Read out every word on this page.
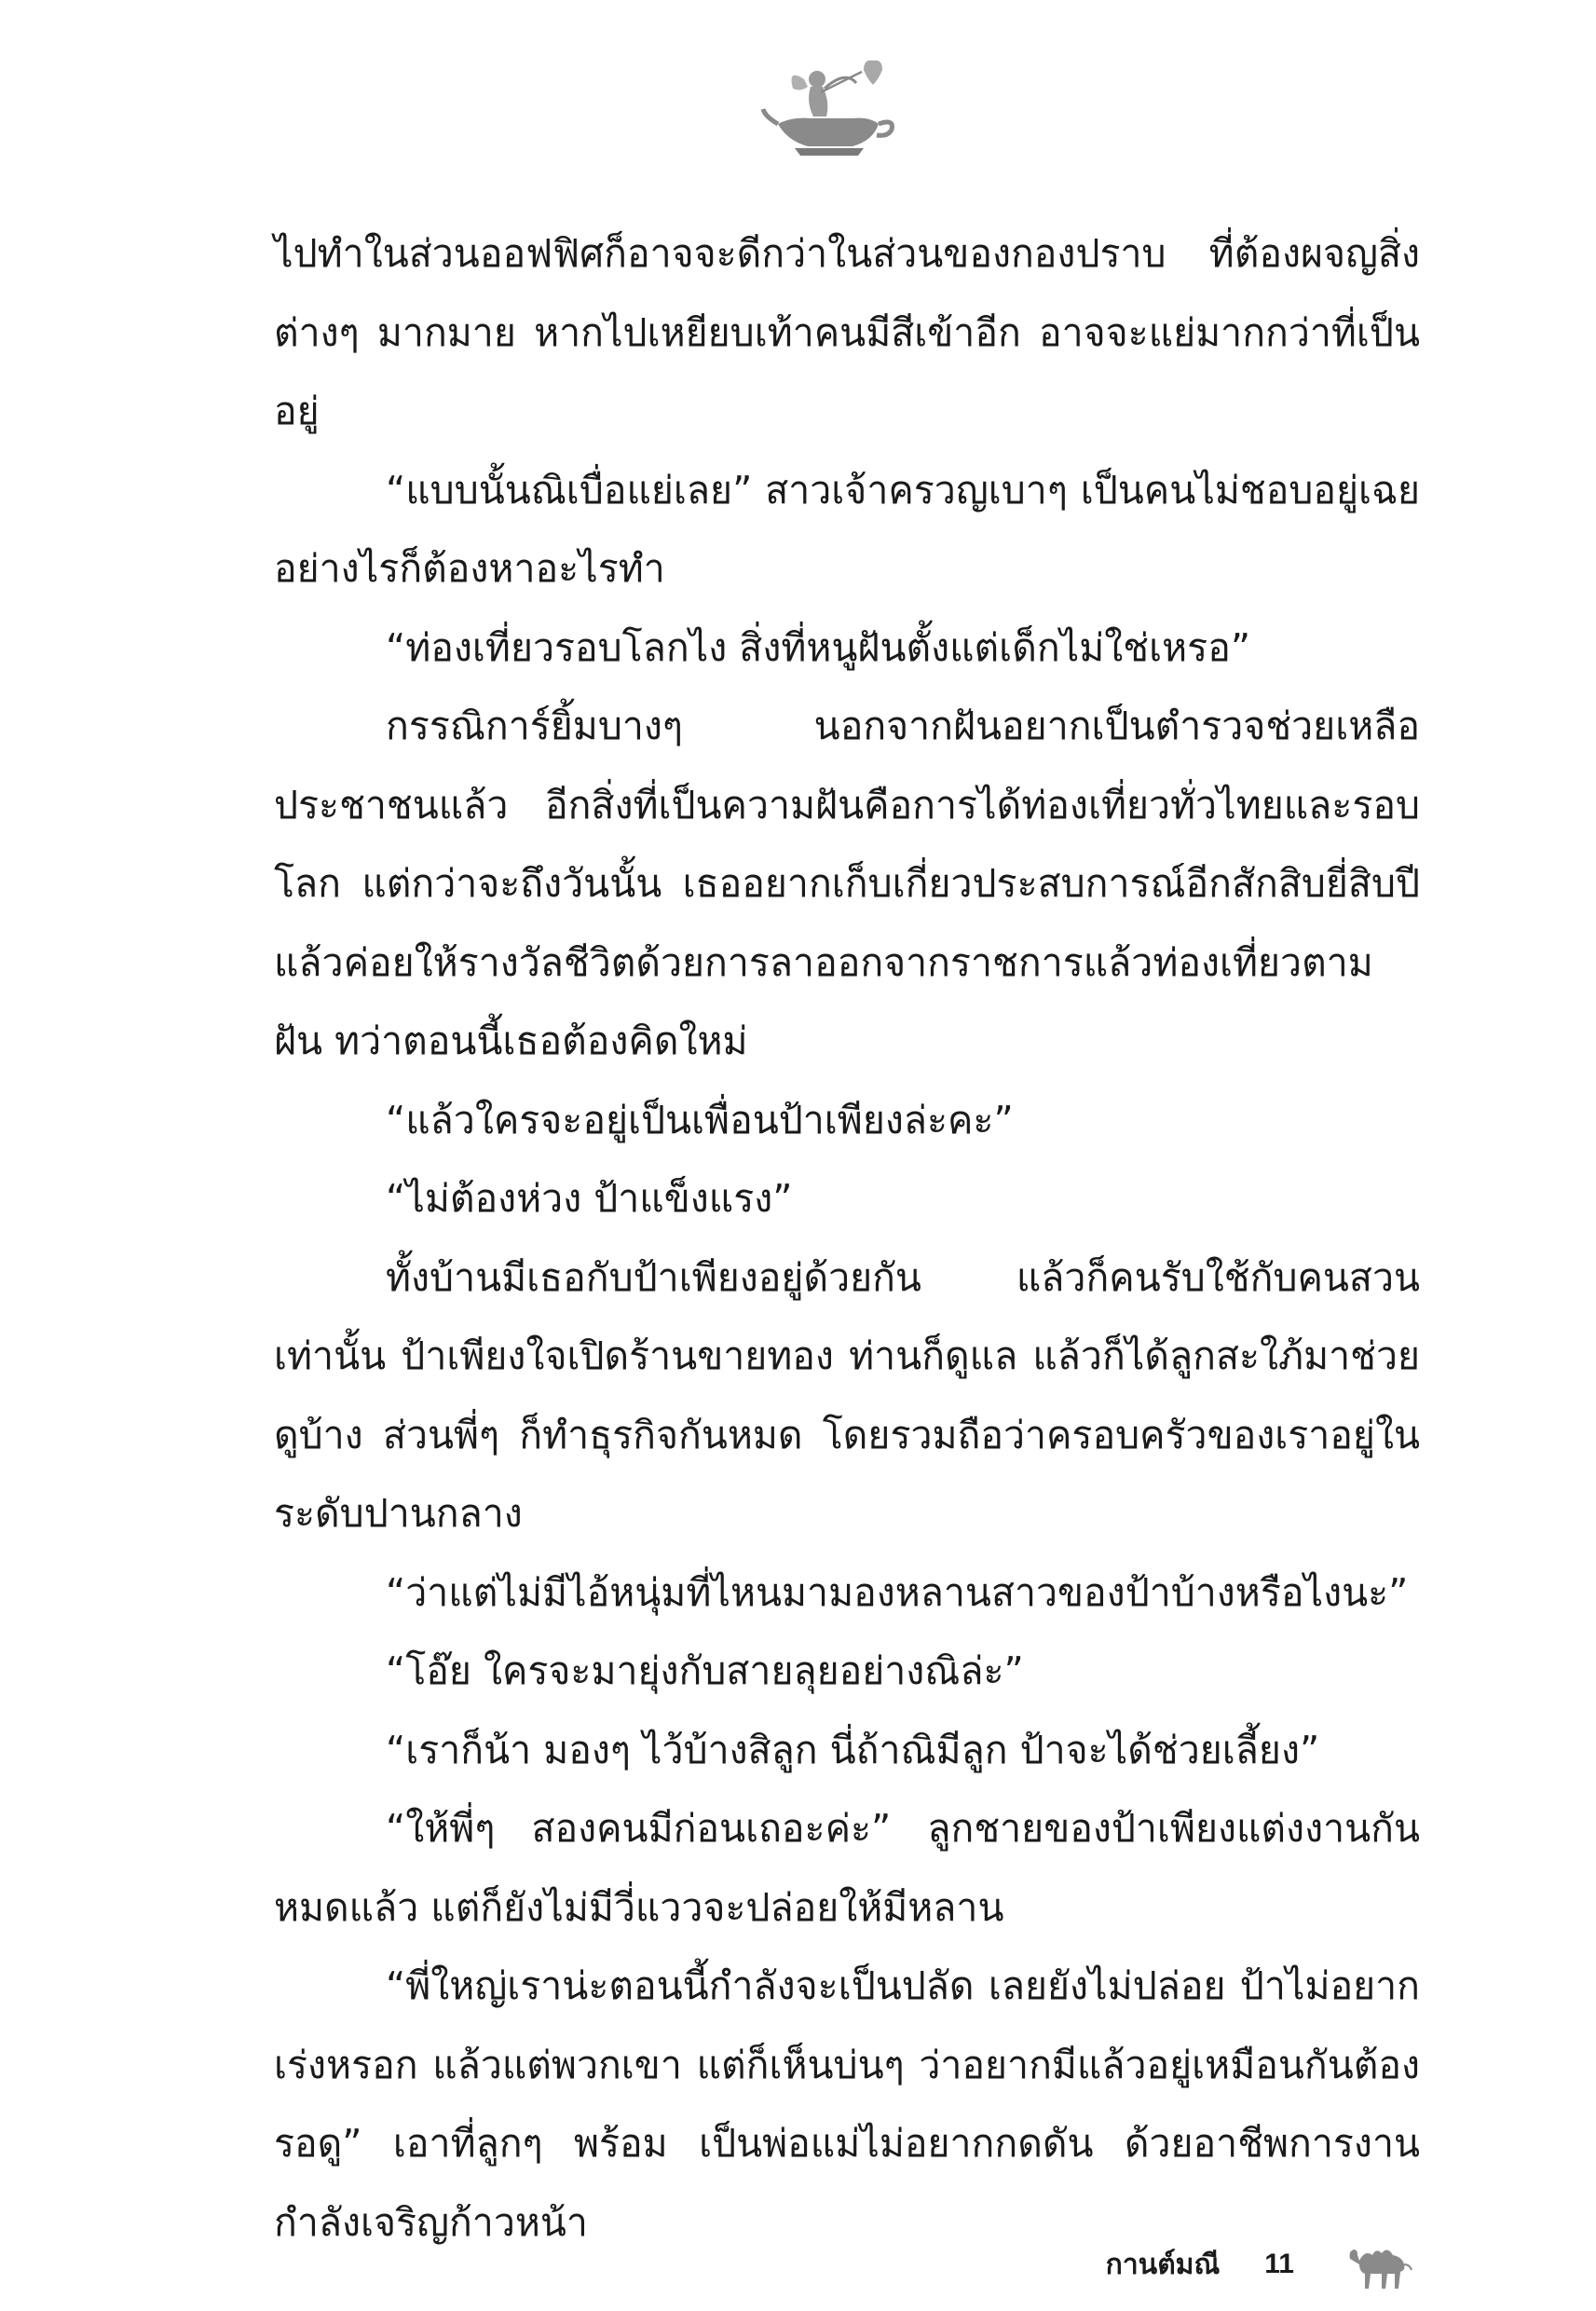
ไปทำในส่วนออฟฟิศก็อาจจะดีกว่าในส่วนของกองปราบ ที่ต้องผจญสิ่งต่างๆ มากมาย หากไปเหยียบเท้าคนมีสีเข้าอีก อาจจะแย่มากกว่าที่เป็นอยู่

“แบบนั้นณิเบื่อแย่เลย” สาวเจ้าครวญเบาๆ เป็นคนไม่ชอบอยู่เฉย อย่างไรก็ต้องหาอะไรทำ

“ท่องเที่ยวรอบโลกไง สิ่งที่หนูฝันตั้งแต่เด็กไม่ใช่เหรอ”

กรรณิการ์ยิ้มบางๆ นอกจากฝันอยากเป็นตำรวจช่วยเหลือประชาชนแล้ว อีกสิ่งที่เป็นความฝันคือการได้ท่องเที่ยวทั่วไทยและรอบโลก แต่กว่าจะถึงวันนั้น เธออยากเก็บเกี่ยวประสบการณ์อีกสักสิบยี่สิบปี แล้วค่อยให้รางวัลชีวิตด้วยการลาออกจากราชการแล้วท่องเที่ยวตามฝัน ทว่าตอนนี้เธอต้องคิดใหม่

“แล้วใครจะอยู่เป็นเพื่อนป้าเพียงล่ะคะ”

“ไม่ต้องห่วง ป้าแข็งแรง”

ทั้งบ้านมีเธอกับป้าเพียงอยู่ด้วยกัน แล้วก็คนรับใช้กับคนสวนเท่านั้น ป้าเพียงใจเปิดร้านขายทอง ท่านก็ดูแล แล้วก็ได้ลูกสะใภ้มาช่วยดูบ้าง ส่วนพี่ๆ ก็ทำธุรกิจกันหมด โดยรวมถือว่าครอบครัวของเราอยู่ในระดับปานกลาง

“ว่าแต่ไม่มีไอ้หนุ่มที่ไหนมามองหลานสาวของป้าบ้างหรือไงนะ”

“โอ๊ย ใครจะมายุ่งกับสายลุยอย่างณิล่ะ”

“เราก็น้า มองๆ ไว้บ้างสิลูก นี่ถ้าณิมีลูก ป้าจะได้ช่วยเลี้ยง”

“ให้พี่ๆ สองคนมีก่อนเถอะค่ะ” ลูกชายของป้าเพียงแต่งงานกันหมดแล้ว แต่ก็ยังไม่มีวี่แววจะปล่อยให้มีหลาน

“พี่ใหญ่เราน่ะตอนนี้กำลังจะเป็นปลัด เลยยังไม่ปล่อย ป้าไม่อยากเร่งหรอก แล้วแต่พวกเขา แต่ก็เห็นบ่นๆ ว่าอยากมีแล้วอยู่เหมือนกันต้องรอดู” เอาที่ลูกๆ พร้อม เป็นพ่อแม่ไม่อยากกดดัน ด้วยอาชีพการงานกำลังเจริญก้าวหน้า

กานต์มณี 11
